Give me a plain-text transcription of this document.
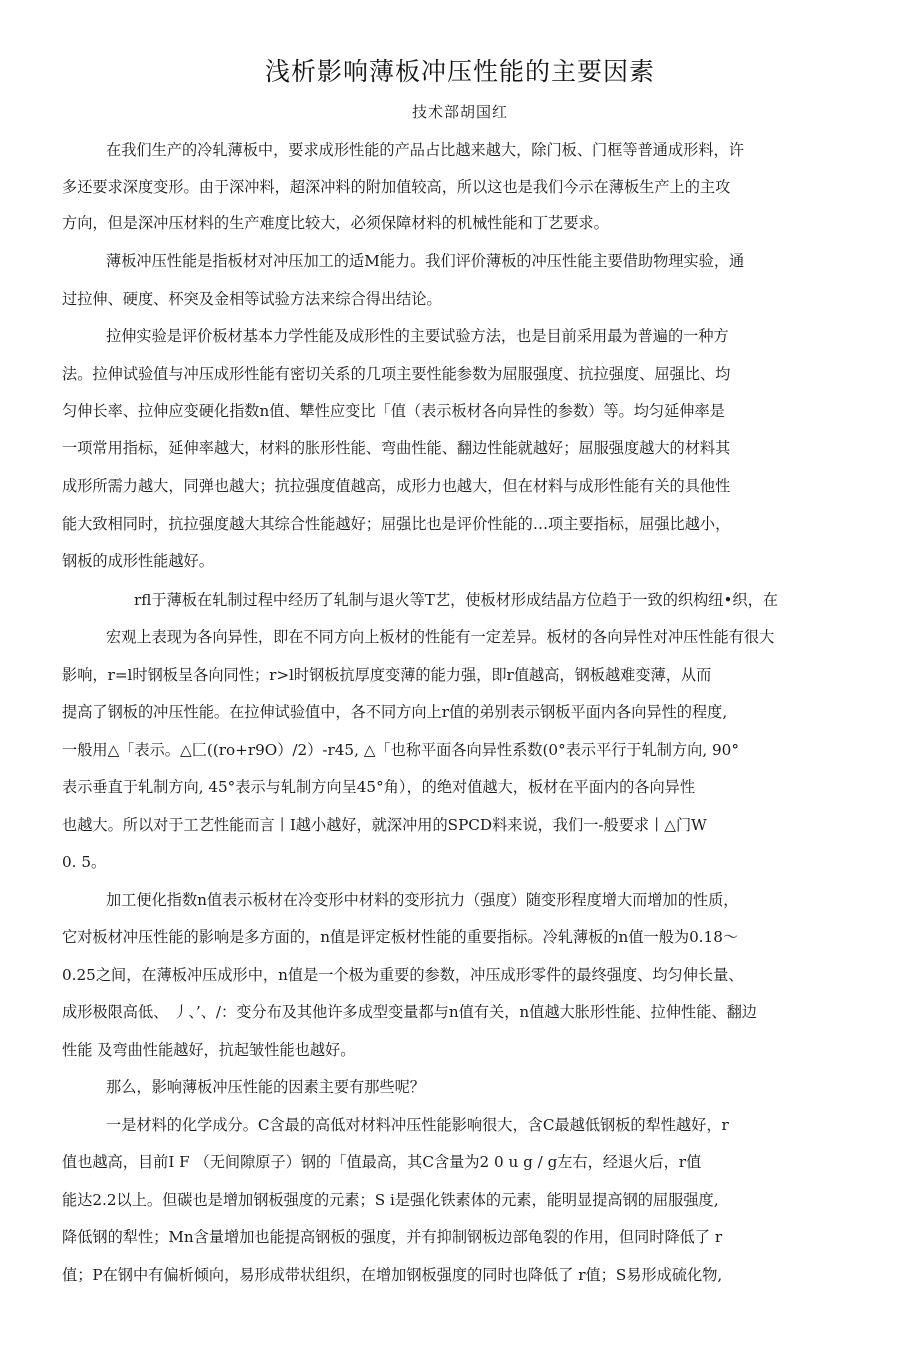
浅析影响薄板冲压性能的主要因素
技术部胡国红
在我们生产的冷轧薄板中，要求成形性能的产品占比越来越大，除门板、门框等普通成形料，许
多还要求深度变形。由于深冲料，超深冲料的附加值较高，所以这也是我们今示在薄板生产上的主攻
方向，但是深冲压材料的生产难度比较大，必须保障材料的机械性能和丁艺要求。
薄板冲压性能是指板材对冲压加工的适M能力。我们评价薄板的冲压性能主要借助物理实验，通
过拉伸、硬度、杯突及金相等试验方法来综合得出结论。
拉伸实验是评价板材基本力学性能及成形性的主要试验方法，也是目前采用最为普遍的一种方
法。拉伸试验值与冲压成形性能有密切关系的几项主要性能参数为屈服强度、抗拉强度、屈强比、均
匀伸长率、拉伸应变硬化指数n值、犨性应变比「值（表示板材各向异性的参数）等。均匀延伸率是
一项常用指标，延伸率越大，材料的胀形性能、弯曲性能、翻边性能就越好；屈服强度越大的材料其
成形所需力越大，同弹也越大；抗拉强度值越高，成形力也越大，但在材料与成形性能有关的具他性
能大致相同时，抗拉强度越大其综合性能越好；屈强比也是评价性能的…项主要指标，屈强比越小，
钢板的成形性能越好。
rfl于薄板在轧制过程中经历了轧制与退火等T艺，使板材形成结晶方位趋于一致的织构纽•织，在
宏观上表现为各向异性，即在不同方向上板材的性能有一定差异。板材的各向异性对冲压性能有很大
影响，r=l时钢板呈各向同性；r>l时钢板抗厚度变薄的能力强，即r值越高，钢板越难变薄，从而
提高了钢板的冲压性能。在拉伸试验值中，各不同方向上r值的弟别表示钢板平面内各向异性的程度,
一般用△「表示。△匚((ro+r9O）/2）-r45, △「也称平面各向异性系数(0°表示平行于轧制方向, 90°
表示垂直于轧制方向, 45°表示与轧制方向呈45°角），的绝对值越大，板材在平面内的各向异性
也越大。所以对于工艺性能而言丨I越小越好，就深冲用的SPCD料来说，我们一-般要求丨△门W
0. 5。
加工便化指数n值表示板材在冷变形中材料的变形抗力（强度）随变形程度增大而增加的性质，
它对板材冲压性能的影响是多方面的，n值是评定板材性能的重要指标。冷轧薄板的n值一般为0.18〜
0.25之间，在薄板冲压成形中，n值是一个极为重要的参数，冲压成形零件的最终强度、均匀伸长量、
成形极限高低、 丿、’、/：变分布及其他许多成型变量都与n值有关，n值越大胀形性能、拉伸性能、翻边
性能 及弯曲性能越好，抗起皱性能也越好。
那么，影响薄板冲压性能的因素主要有那些呢？
一是材料的化学成分。C含最的高低对材料冲压性能影响很大，含C最越低钢板的犁性越好，r
值也越高，目前I F （无间隙原子）钢的「值最高，其C含量为2 0 u g / g左右，经退火后，r值
能达2.2以上。但碳也是增加钢板强度的元素；S i是强化铁素体的元素，能明显提高钢的屈服强度,
降低钢的犁性；Mn含量增加也能提高钢板的强度，并有抑制钢板边部龟裂的作用，但同时降低了 r
值；P在钢中有偏析倾向，易形成带状组织，在增加钢板强度的同时也降低了 r值；S易形成硫化物,
